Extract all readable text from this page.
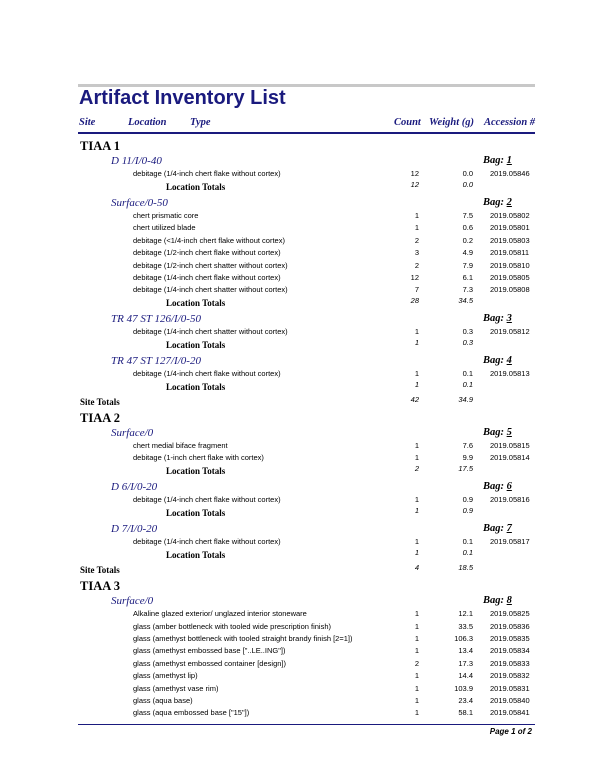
Artifact Inventory List
Site	Location Type	Count Weight (g) Accession #
TIAA 1
D 11/I/0-40	Bag: 1
debitage (1/4-inch chert flake without cortex)	12	0.0 2019.05846
Location Totals	12	0.0
Surface/0-50	Bag: 2
chert prismatic core	1	7.5 2019.05802
chert utilized blade	1	0.6 2019.05801
debitage (<1/4-inch chert flake without cortex)	2	0.2 2019.05803
debitage (1/2-inch chert flake without cortex)	3	4.9 2019.05811
debitage (1/2-inch chert shatter without cortex)	2	7.9 2019.05810
debitage (1/4-inch chert flake without cortex)	12	6.1 2019.05805
debitage (1/4-inch chert shatter without cortex)	7	7.3 2019.05808
Location Totals	28	34.5
TR 47 ST 126/I/0-50	Bag: 3
debitage (1/4-inch chert shatter without cortex)	1	0.3 2019.05812
Location Totals	1	0.3
TR 47 ST 127/I/0-20	Bag: 4
debitage (1/4-inch chert flake without cortex)	1	0.1 2019.05813
Location Totals	1	0.1
Site Totals	42	34.9
TIAA 2
Surface/0	Bag: 5
chert medial biface fragment	1	7.6 2019.05815
debitage (1-inch chert flake with cortex)	1	9.9 2019.05814
Location Totals	2	17.5
D 6/I/0-20	Bag: 6
debitage (1/4-inch chert flake without cortex)	1	0.9 2019.05816
Location Totals	1	0.9
D 7/I/0-20	Bag: 7
debitage (1/4-inch chert flake without cortex)	1	0.1 2019.05817
Location Totals	1	0.1
Site Totals	4	18.5
TIAA 3
Surface/0	Bag: 8
Alkaline glazed exterior/ unglazed interior stoneware	1	12.1 2019.05825
glass (amber bottleneck with tooled wide prescription finish)	1	33.5 2019.05836
glass (amethyst bottleneck with tooled straight brandy finish [2=1])	1	106.3 2019.05835
glass (amethyst embossed base ["..LE..ING"])	1	13.4 2019.05834
glass (amethyst embossed container [design])	2	17.3 2019.05833
glass (amethyst lip)	1	14.4 2019.05832
glass (amethyst vase rim)	1	103.9 2019.05831
glass (aqua base)	1	23.4 2019.05840
glass (aqua embossed base ["15"])	1	58.1 2019.05841
Page 1 of 2
